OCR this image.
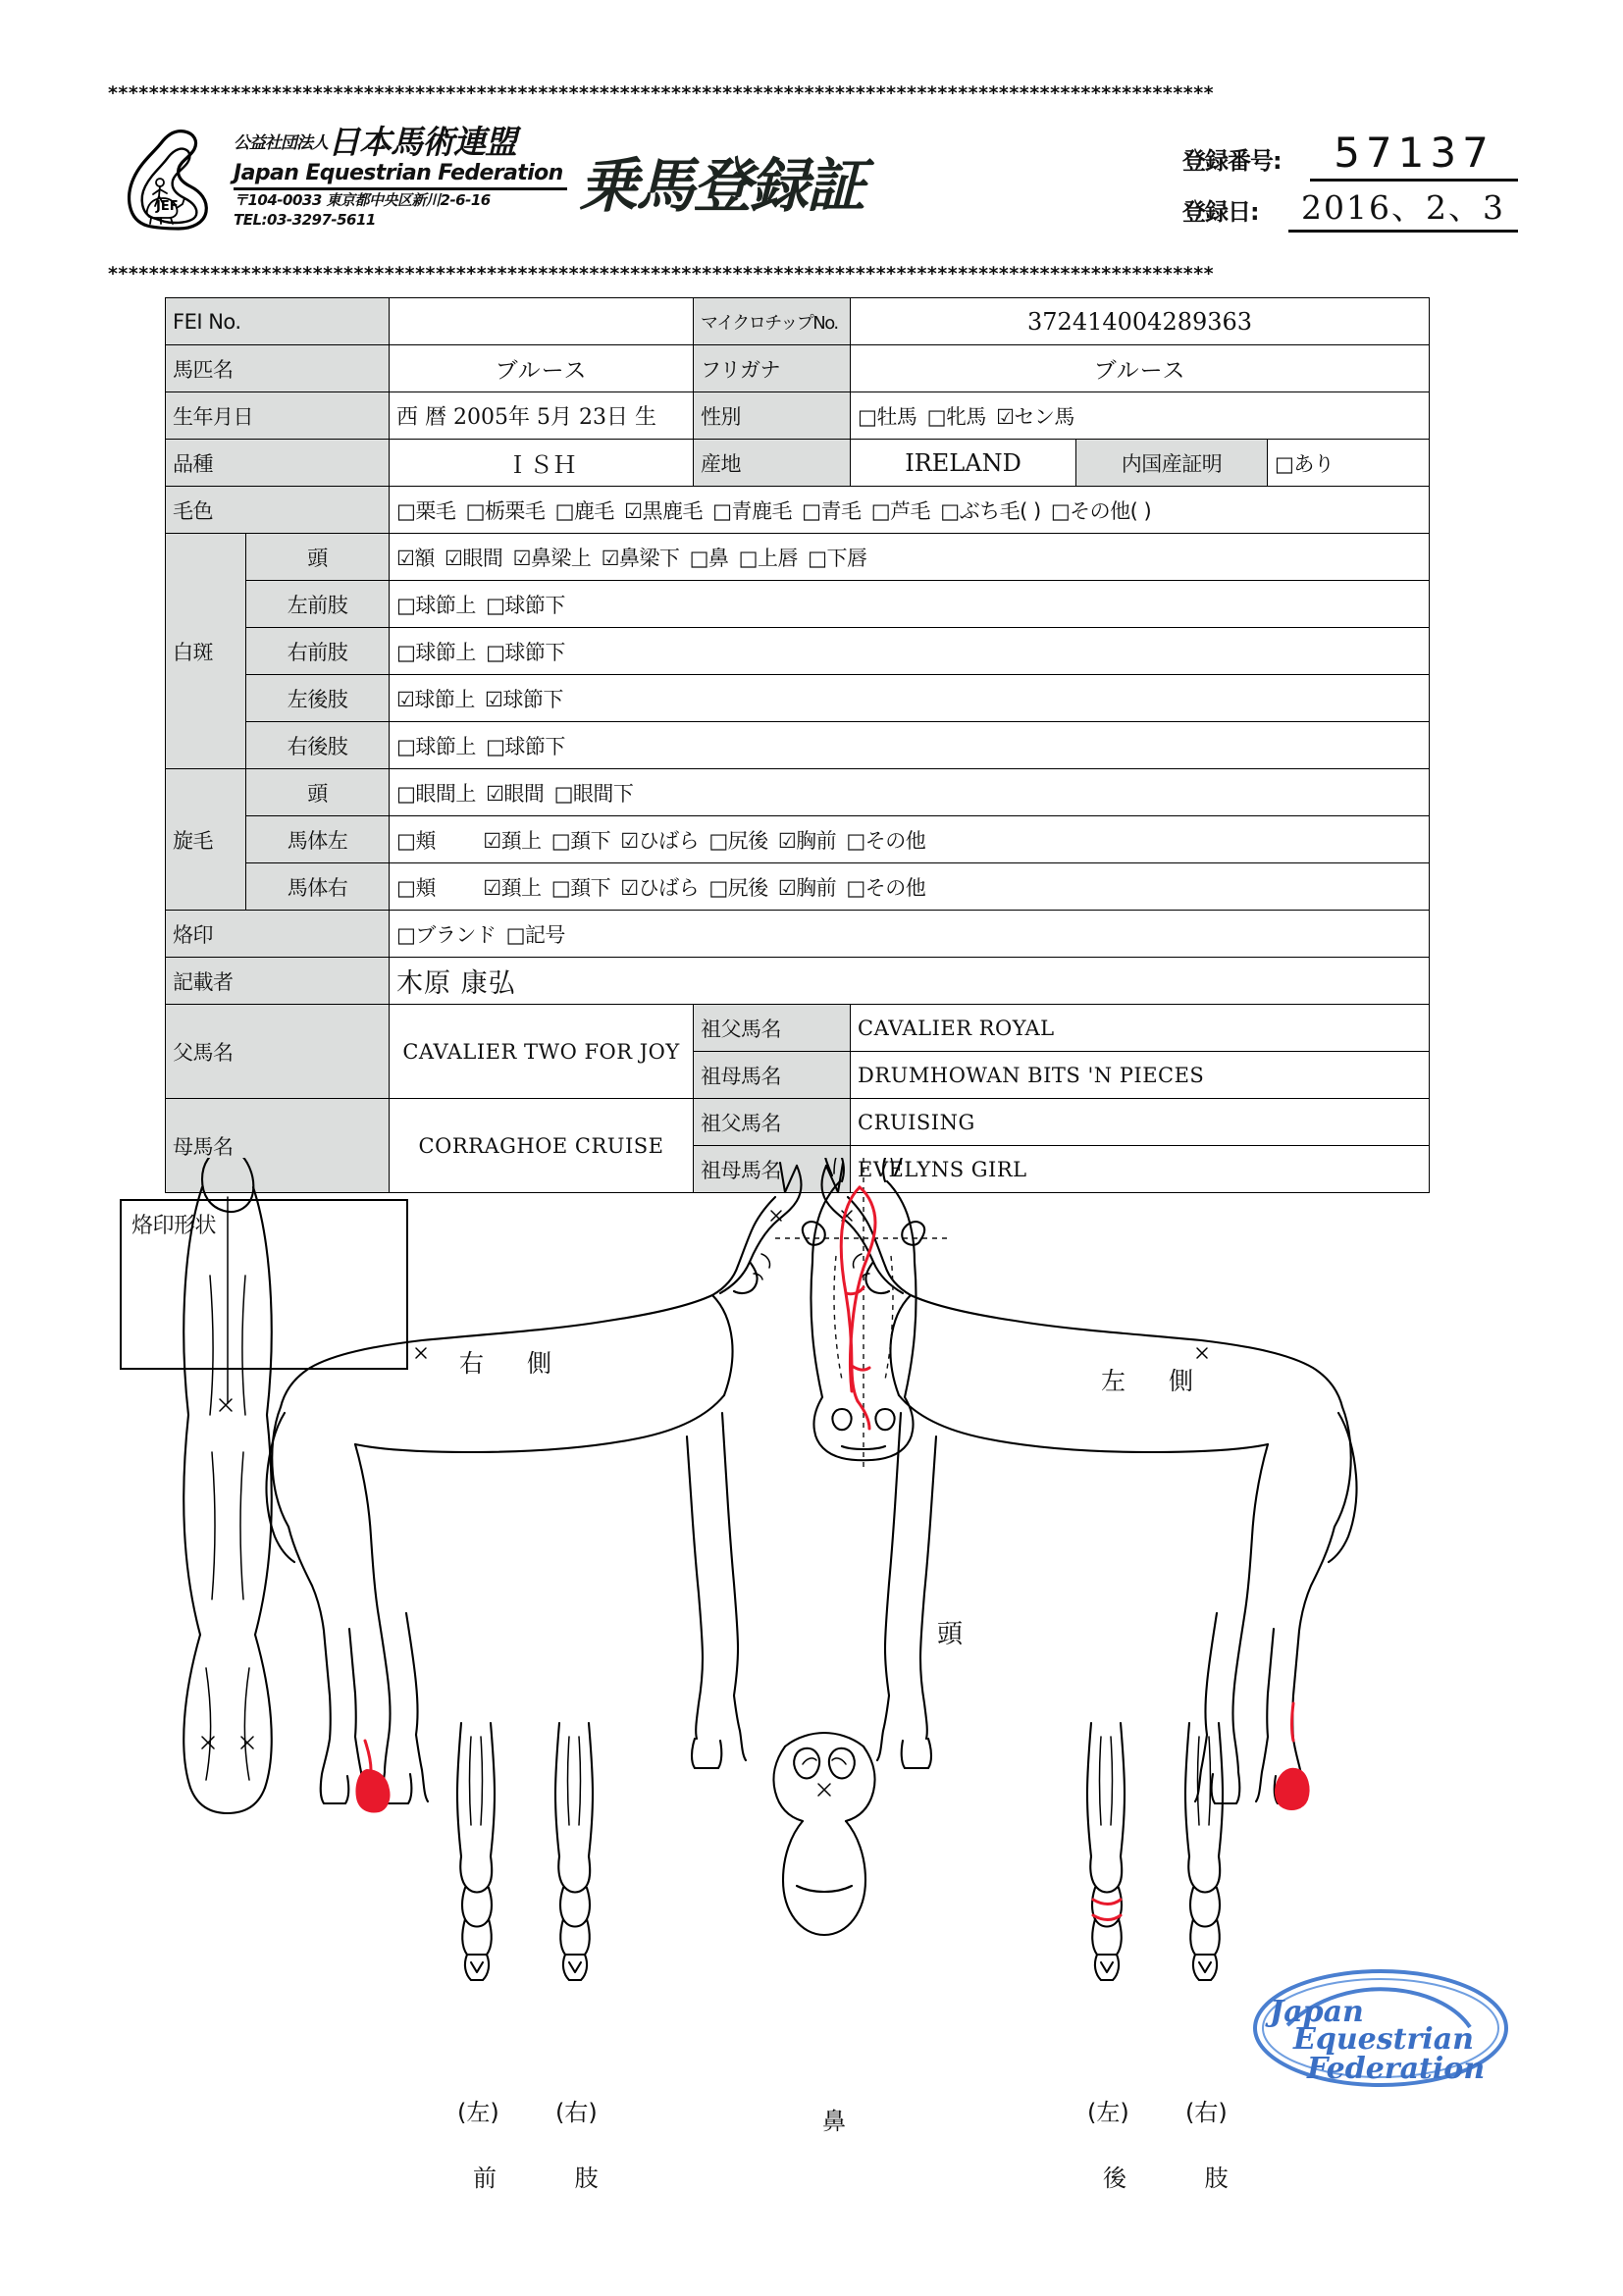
************************************************************************************************************
JEF
公益社団法人日本馬術連盟
Japan Equestrian Federation
〒104-0033 東京都中央区新川2-6-16
TEL:03-3297-5611	乗馬登録証	登録番号:	57137
登録日:	2016、2、3
************************************************************************************************************
FEI No.			マイクロチップNo.	372414004289363		
馬匹名		ブルース	フリガナ	ブルース		
生年月日		西 暦 2005年 5月 23日 生	性別	□牡馬 □牝馬 ☑セン馬		
品種		ＩＳＨ	産地	IRELAND	内国産証明	□あり
毛色		□栗毛 □栃栗毛 □鹿毛 ☑黒鹿毛 □青鹿毛 □青毛 □芦毛 □ぶち毛( ) □その他( )				
白斑	頭	☑額 ☑眼間 ☑鼻梁上 ☑鼻梁下 □鼻 □上唇 □下唇				
	左前肢	□球節上 □球節下				
	右前肢	□球節上 □球節下				
	左後肢	☑球節上 ☑球節下				
	右後肢	□球節上 □球節下				
旋毛	頭	□眼間上 ☑眼間 □眼間下				
	馬体左	□頬 ☑頚上 □頚下 ☑ひばら □尻後 ☑胸前 □その他				
	馬体右	□頬 ☑頚上 □頚下 ☑ひばら □尻後 ☑胸前 □その他				
烙印		□ブランド □記号				
記載者		木原 康弘				
父馬名		CAVALIER TWO FOR JOY	祖父馬名	CAVALIER ROYAL		
			祖母馬名	DRUMHOWAN BITS 'N PIECES		
母馬名		CORRAGHOE CRUISE	祖父馬名	CRUISING		
			祖母馬名	EVELYNS GIRL		
烙印形状
右 側
左 側
頭
(左) (右)
前 肢
鼻	(左) (右)
後 肢
Japan
Equestrian
Federation
